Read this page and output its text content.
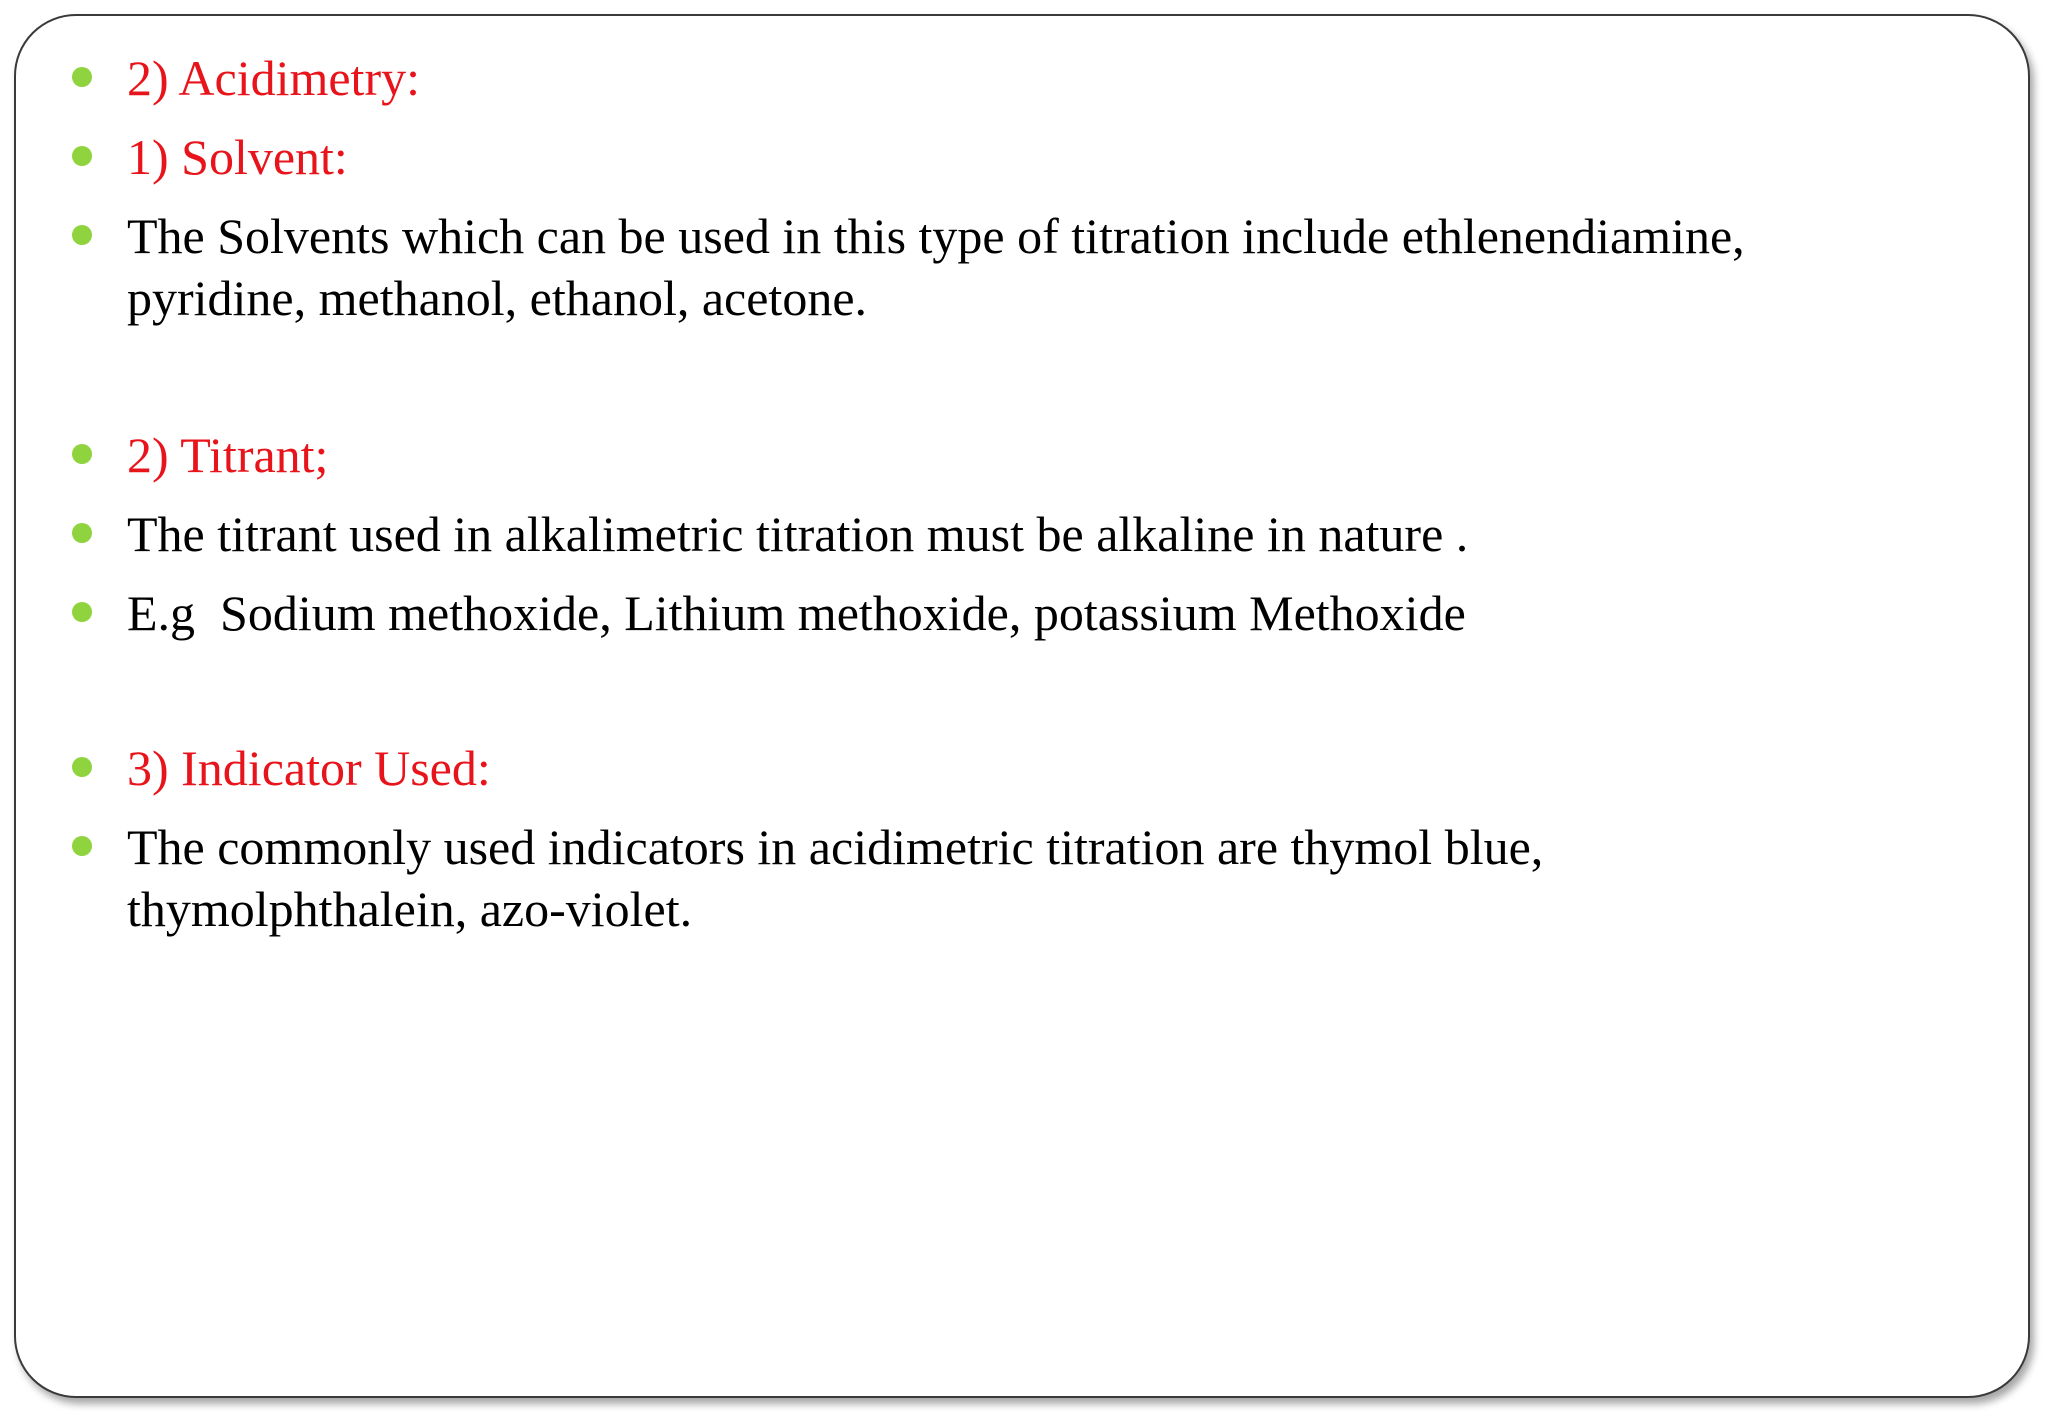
2) Acidimetry:
1) Solvent:
The Solvents which can be used in this type of titration include ethlenendiamine, pyridine, methanol, ethanol, acetone.
2) Titrant;
The titrant used in alkalimetric titration must be alkaline in nature .
E.g  Sodium methoxide, Lithium methoxide, potassium Methoxide
3) Indicator Used:
The commonly used indicators in acidimetric titration are thymol blue, thymolphthalein, azo-violet.
